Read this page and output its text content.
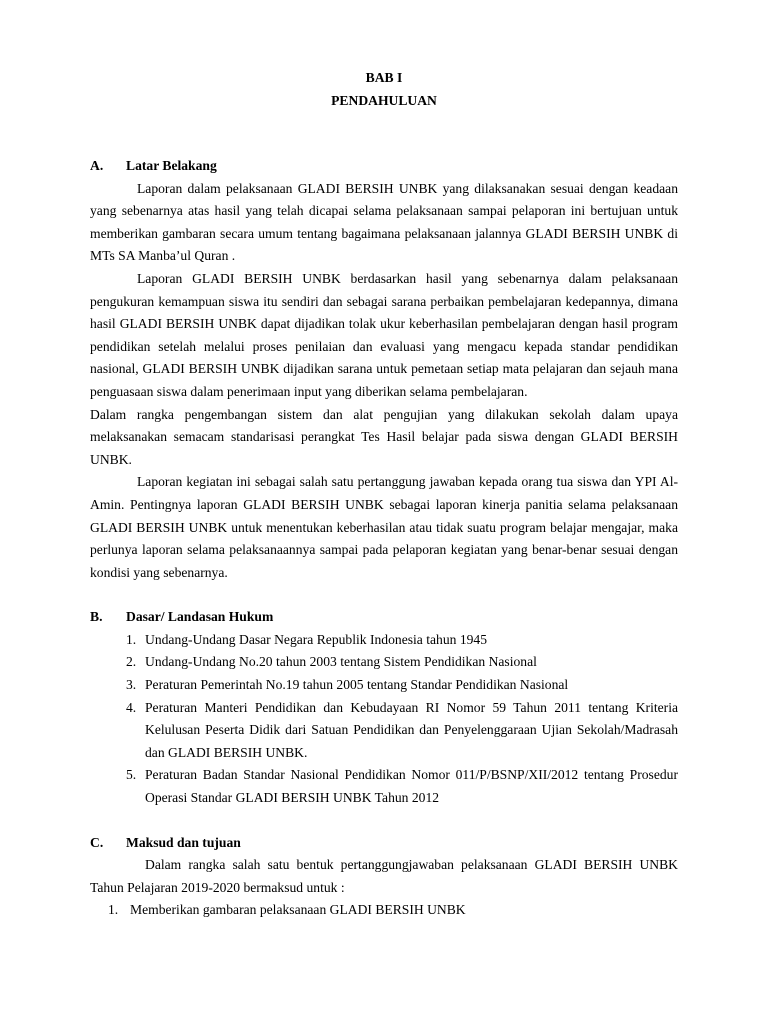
BAB I

PENDAHULUAN

A. Latar Belakang

Laporan dalam pelaksanaan GLADI BERSIH UNBK yang dilaksanakan sesuai dengan keadaan yang sebenarnya atas hasil yang telah dicapai selama pelaksanaan sampai pelaporan ini bertujuan untuk memberikan gambaran secara umum tentang bagaimana pelaksanaan jalannya GLADI BERSIH UNBK di MTs SA Manba’ul Quran .

Laporan GLADI BERSIH UNBK berdasarkan hasil yang sebenarnya dalam pelaksanaan pengukuran kemampuan siswa itu sendiri dan sebagai sarana perbaikan pembelajaran kedepannya, dimana hasil GLADI BERSIH UNBK dapat dijadikan tolak ukur keberhasilan pembelajaran dengan hasil program pendidikan setelah melalui proses penilaian dan evaluasi yang mengacu kepada standar pendidikan nasional, GLADI BERSIH UNBK dijadikan sarana untuk pemetaan setiap mata pelajaran dan sejauh mana penguasaan siswa dalam penerimaan input yang diberikan selama pembelajaran.

Dalam rangka pengembangan sistem dan alat pengujian yang dilakukan sekolah dalam upaya melaksanakan semacam standarisasi perangkat Tes Hasil belajar pada siswa dengan GLADI BERSIH UNBK.

Laporan kegiatan ini sebagai salah satu pertanggung jawaban kepada orang tua siswa dan YPI Al-Amin. Pentingnya laporan GLADI BERSIH UNBK sebagai laporan kinerja panitia selama pelaksanaan GLADI BERSIH UNBK untuk menentukan keberhasilan atau tidak suatu program belajar mengajar, maka perlunya laporan selama pelaksanaannya sampai pada pelaporan kegiatan yang benar-benar sesuai dengan kondisi yang sebenarnya.

B. Dasar/ Landasan Hukum

1. Undang-Undang Dasar Negara Republik Indonesia tahun 1945
2. Undang-Undang No.20 tahun 2003 tentang Sistem Pendidikan Nasional
3. Peraturan Pemerintah No.19 tahun 2005 tentang Standar Pendidikan Nasional
4. Peraturan Manteri Pendidikan dan Kebudayaan RI Nomor 59 Tahun 2011 tentang Kriteria Kelulusan Peserta Didik dari Satuan Pendidikan dan Penyelenggaraan Ujian Sekolah/Madrasah dan GLADI BERSIH UNBK.
5. Peraturan Badan Standar Nasional Pendidikan Nomor 011/P/BSNP/XII/2012 tentang Prosedur Operasi Standar GLADI BERSIH UNBK Tahun 2012

C. Maksud dan tujuan

Dalam rangka salah satu bentuk pertanggungjawaban pelaksanaan GLADI BERSIH UNBK Tahun Pelajaran 2019-2020 bermaksud untuk :

1. Memberikan gambaran pelaksanaan GLADI BERSIH UNBK
